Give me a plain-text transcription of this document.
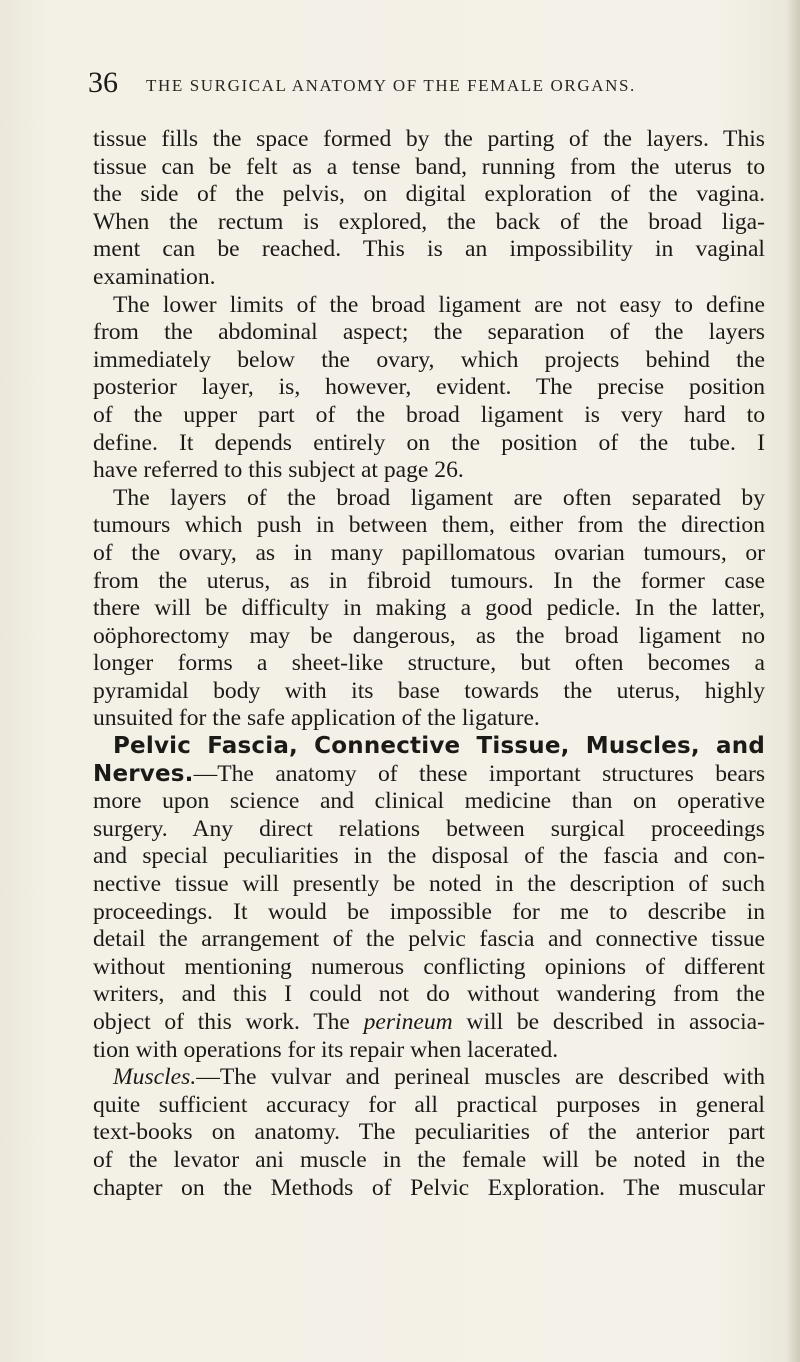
36 THE SURGICAL ANATOMY OF THE FEMALE ORGANS.
tissue fills the space formed by the parting of the layers. This
tissue can be felt as a tense band, running from the uterus to
the side of the pelvis, on digital exploration of the vagina.
When the rectum is explored, the back of the broad liga-
ment can be reached. This is an impossibility in vaginal
examination.
The lower limits of the broad ligament are not easy to define
from the abdominal aspect; the separation of the layers
immediately below the ovary, which projects behind the
posterior layer, is, however, evident. The precise position
of the upper part of the broad ligament is very hard to
define. It depends entirely on the position of the tube. I
have referred to this subject at page 26.
The layers of the broad ligament are often separated by
tumours which push in between them, either from the direction
of the ovary, as in many papillomatous ovarian tumours, or
from the uterus, as in fibroid tumours. In the former case
there will be difficulty in making a good pedicle. In the latter,
oöphorectomy may be dangerous, as the broad ligament no
longer forms a sheet-like structure, but often becomes a
pyramidal body with its base towards the uterus, highly
unsuited for the safe application of the ligature.
Pelvic Fascia, Connective Tissue, Muscles, and
Nerves.—The anatomy of these important structures bears
more upon science and clinical medicine than on operative
surgery. Any direct relations between surgical proceedings
and special peculiarities in the disposal of the fascia and con-
nective tissue will presently be noted in the description of such
proceedings. It would be impossible for me to describe in
detail the arrangement of the pelvic fascia and connective tissue
without mentioning numerous conflicting opinions of different
writers, and this I could not do without wandering from the
object of this work. The perineum will be described in associa-
tion with operations for its repair when lacerated.
Muscles.—The vulvar and perineal muscles are described with
quite sufficient accuracy for all practical purposes in general
text-books on anatomy. The peculiarities of the anterior part
of the levator ani muscle in the female will be noted in the
chapter on the Methods of Pelvic Exploration. The muscular
